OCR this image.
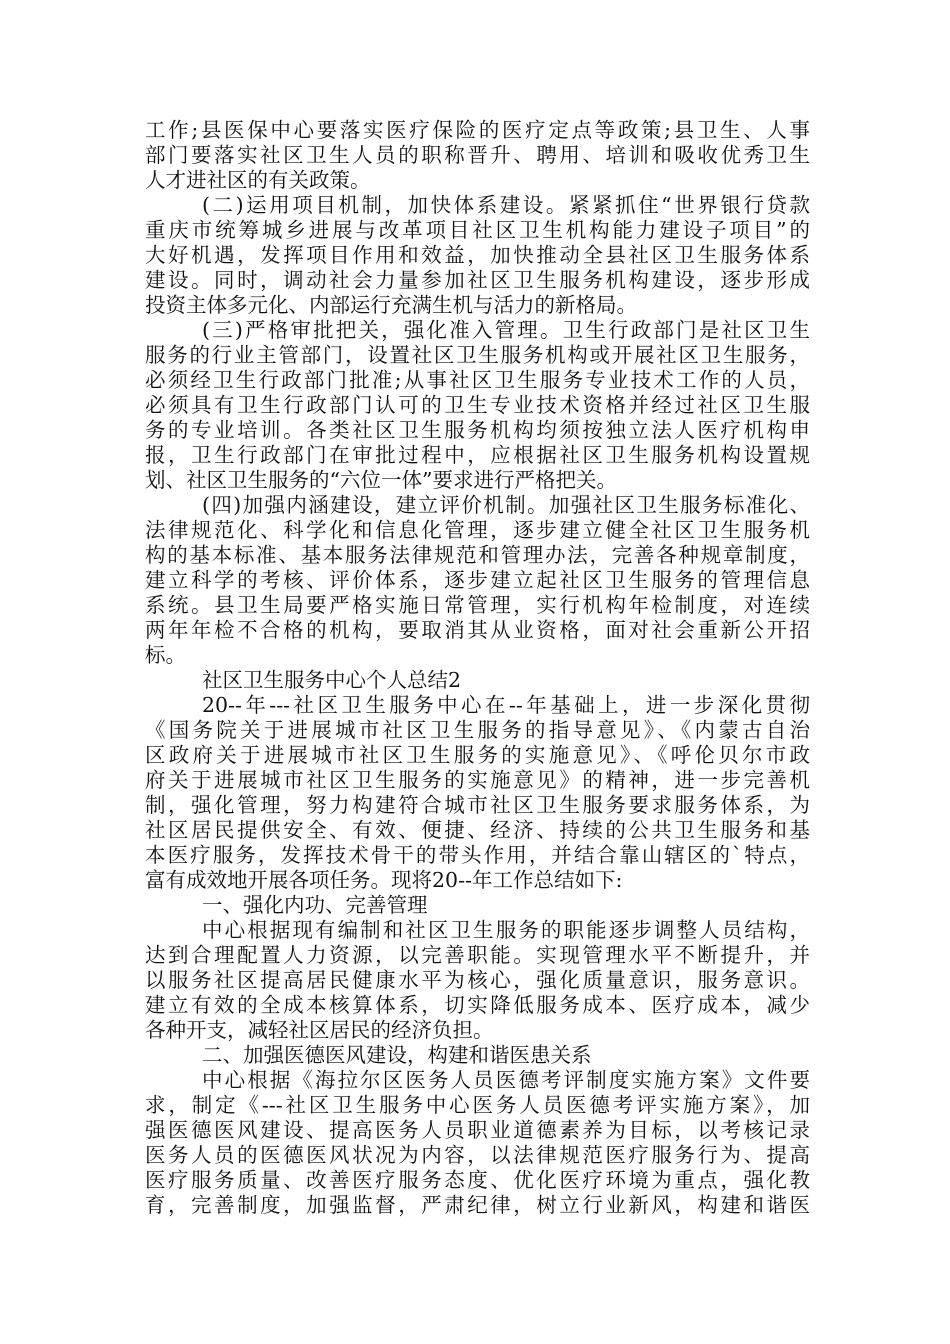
工作;县医保中心要落实医疗保险的医疗定点等政策;县卫生、人事

部门要落实社区卫生人员的职称晋升、聘用、培训和吸收优秀卫生

人才进社区的有关政策。

(二)运用项目机制，加快体系建设。紧紧抓住“世界银行贷款

重庆市统筹城乡进展与改革项目社区卫生机构能力建设子项目”的

大好机遇，发挥项目作用和效益，加快推动全县社区卫生服务体系

建设。同时，调动社会力量参加社区卫生服务机构建设，逐步形成

投资主体多元化、内部运行充满生机与活力的新格局。

(三)严格审批把关，强化准入管理。卫生行政部门是社区卫生

服务的行业主管部门，设置社区卫生服务机构或开展社区卫生服务，

必须经卫生行政部门批准;从事社区卫生服务专业技术工作的人员，

必须具有卫生行政部门认可的卫生专业技术资格并经过社区卫生服

务的专业培训。各类社区卫生服务机构均须按独立法人医疗机构申

报，卫生行政部门在审批过程中，应根据社区卫生服务机构设置规

划、社区卫生服务的“六位一体”要求进行严格把关。

(四)加强内涵建设，建立评价机制。加强社区卫生服务标准化、

法律规范化、科学化和信息化管理，逐步建立健全社区卫生服务机

构的基本标准、基本服务法律规范和管理办法，完善各种规章制度，

建立科学的考核、评价体系，逐步建立起社区卫生服务的管理信息

系统。县卫生局要严格实施日常管理，实行机构年检制度，对连续

两年年检不合格的机构，要取消其从业资格，面对社会重新公开招

标。

社区卫生服务中心个人总结2

20--年---社区卫生服务中心在--年基础上，进一步深化贯彻

《国务院关于进展城市社区卫生服务的指导意见》、《内蒙古自治

区政府关于进展城市社区卫生服务的实施意见》、《呼伦贝尔市政

府关于进展城市社区卫生服务的实施意见》的精神，进一步完善机

制，强化管理，努力构建符合城市社区卫生服务要求服务体系，为

社区居民提供安全、有效、便捷、经济、持续的公共卫生服务和基

本医疗服务，发挥技术骨干的带头作用，并结合靠山辖区的`特点，

富有成效地开展各项任务。现将20--年工作总结如下:

一、强化内功、完善管理

中心根据现有编制和社区卫生服务的职能逐步调整人员结构，

达到合理配置人力资源，以完善职能。实现管理水平不断提升，并

以服务社区提高居民健康水平为核心，强化质量意识，服务意识。

建立有效的全成本核算体系，切实降低服务成本、医疗成本，减少

各种开支，减轻社区居民的经济负担。

二、加强医德医风建设，构建和谐医患关系

中心根据《海拉尔区医务人员医德考评制度实施方案》文件要

求，制定《---社区卫生服务中心医务人员医德考评实施方案》，加

强医德医风建设、提高医务人员职业道德素养为目标，以考核记录

医务人员的医德医风状况为内容，以法律规范医疗服务行为、提高

医疗服务质量、改善医疗服务态度、优化医疗环境为重点，强化教

育，完善制度，加强监督，严肃纪律，树立行业新风，构建和谐医
